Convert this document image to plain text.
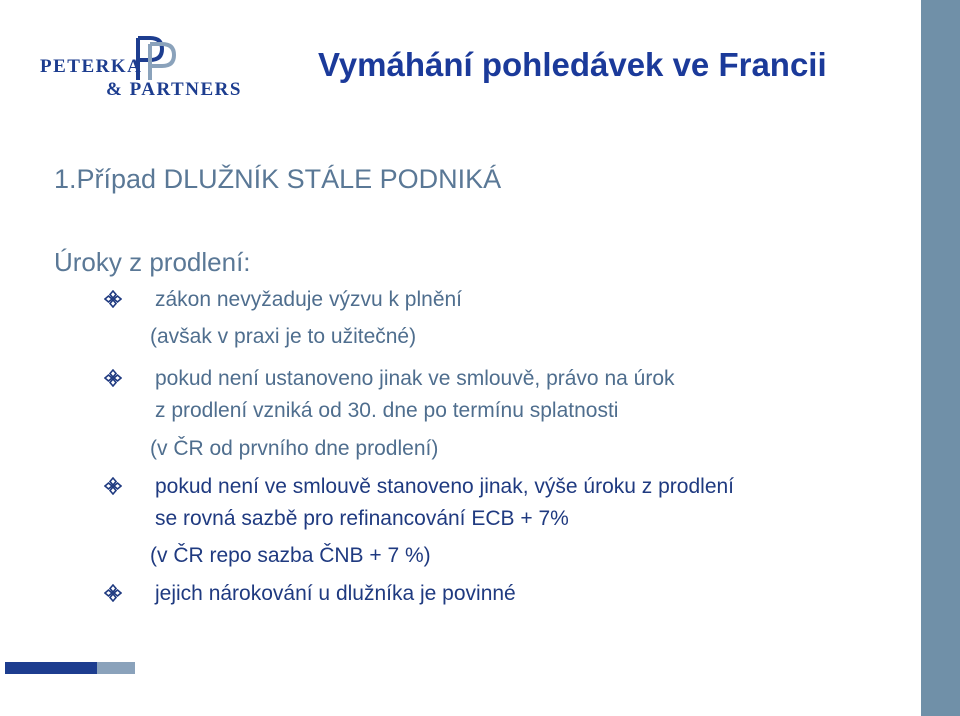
PETERKA
& PARTNERS
Vymáhání pohledávek ve Francii
1.Případ DLUŽNÍK STÁLE PODNIKÁ
Úroky z prodlení:
zákon nevyžaduje výzvu k plnění
(avšak v praxi je to užitečné)
pokud není ustanoveno jinak ve smlouvě, právo na úrok
z prodlení vzniká od 30. dne po termínu splatnosti
(v ČR od prvního dne prodlení)
pokud není ve smlouvě stanoveno jinak, výše úroku z prodlení
se rovná sazbě pro refinancování ECB + 7%
(v ČR repo sazba ČNB + 7 %)
jejich nárokování u dlužníka je povinné
